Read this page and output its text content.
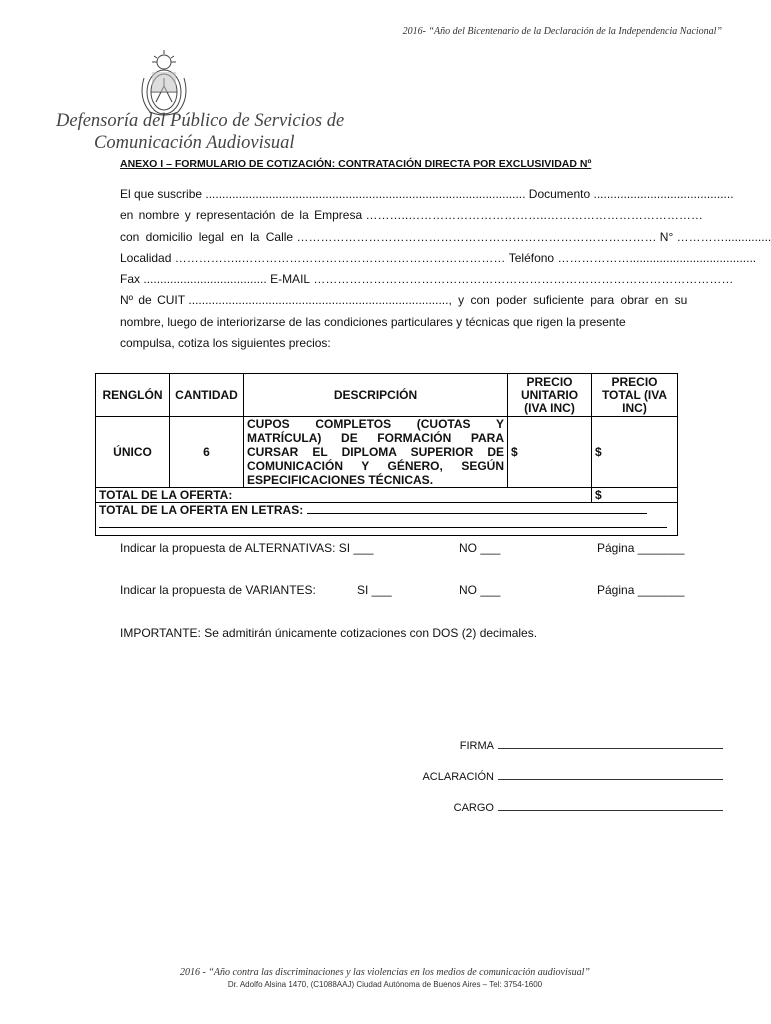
2016- “Año del Bicentenario de la Declaración de la Independencia Nacional”
Defensoría del Público de Servicios de
Comunicación Audiovisual
ANEXO I – FORMULARIO DE COTIZACIÓN: CONTRATACIÓN DIRECTA POR EXCLUSIVIDAD Nº
El que suscribe
................................................................................................
Documento
..........................................
en nombre y representación de la Empresa
………..……………………………..…………………………………
con domicilio legal en la Calle
………………………………………………………………………………
N°
…………..............
Localidad
……………..…………………………………………………………
Teléfono
………………......................................
Fax
.....................................
E-MAIL
……………………………………………………………………………………………
Nº de CUIT
.............................................................................. , y con poder suficiente para obrar en su
nombre, luego de interiorizarse de las condiciones particulares y técnicas que rigen la presente
compulsa, cotiza los siguientes precios:
RENGLÓN	CANTIDAD	DESCRIPCIÓN	PRECIO UNITARIO (IVA INC)	PRECIO TOTAL (IVA INC)
ÚNICO	6	CUPOS COMPLETOS (CUOTAS Y MATRÍCULA) DE FORMACIÓN PARA CURSAR EL DIPLOMA SUPERIOR DE COMUNICACIÓN Y GÉNERO, SEGÚN
ESPECIFICACIONES TÉCNICAS.	$	$
TOTAL DE LA OFERTA:				$
TOTAL DE LA OFERTA EN LETRAS:				

Indicar la propuesta de ALTERNATIVAS: SI ___	NO ___	Página _______
Indicar la propuesta de VARIANTES:	SI ___	NO ___	Página _______
IMPORTANTE: Se admitirán únicamente cotizaciones con DOS (2) decimales.
FIRMA
ACLARACIÓN
CARGO
2016 - “Año contra las discriminaciones y las violencias en los medios de comunicación audiovisual”
Dr. Adolfo Alsina 1470, (C1088AAJ) Ciudad Autónoma de Buenos Aires – Tel: 3754-1600
